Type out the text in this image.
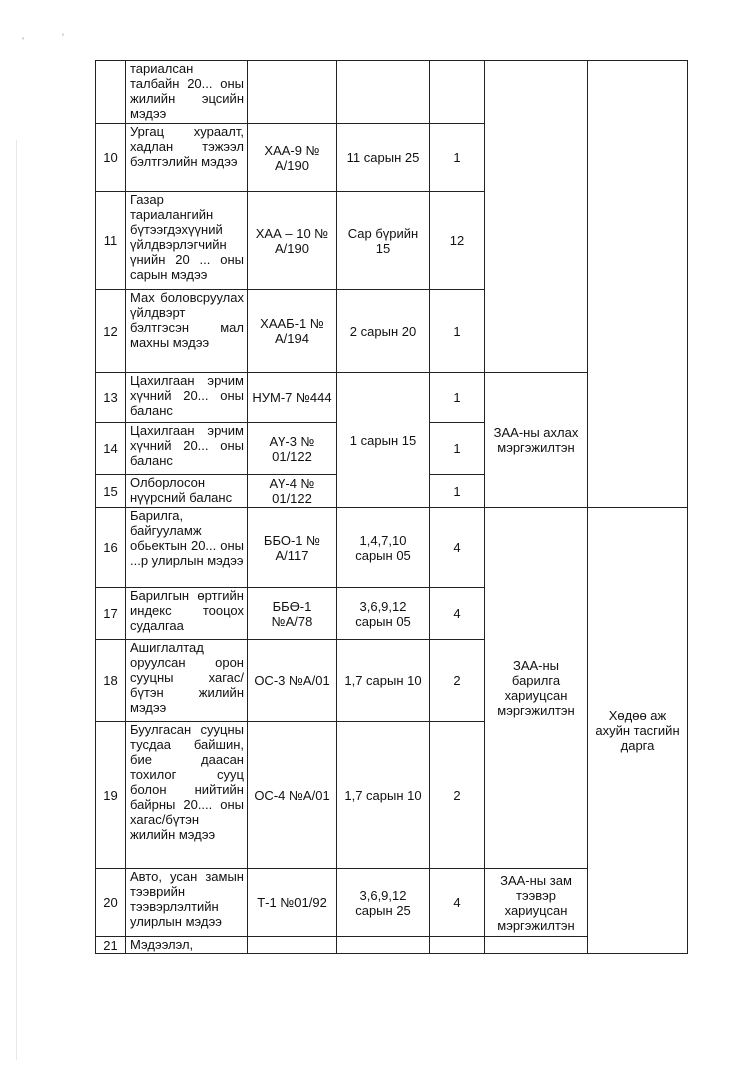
’	‘
	тариалсан талбайн 20... оны жилийн эцсийн мэдээ					
10	Ургац хураалт, хадлан тэжээл бэлтгэлийн мэдээ	ХАА-9 № А/190	11 сарын 25	1		
11	Газар тариалангийн бүтээгдэхүүний үйлдвэрлэгчийн үнийн 20 ... оны сарын мэдээ	ХАА – 10 № А/190	Сар бүрийн 15	12		
12	Мах боловсруулах үйлдвэрт бэлтгэсэн мал махны мэдээ	ХААБ-1 № А/194	2 сарын 20	1		
13	Цахилгаан эрчим хүчний 20... оны баланс	НУМ-7 №444	1 сарын 15	1	ЗАА-ны ахлах мэргэжилтэн	
14	Цахилгаан эрчим хүчний 20... оны баланс	АҮ-3 № 01/122		1		
15	Олборлосон нүүрсний баланс	АҮ-4 № 01/122		1		
16	Барилга, байгууламж обьектын 20... оны ...р улирлын мэдээ	ББО-1 № А/117	1,4,7,10 сарын 05	4	ЗАА-ны барилга хариуцсан мэргэжилтэн	Хөдөө аж ахуйн тасгийн дарга
17	Барилгын өртгийн индекс тооцох судалгаа	ББӨ-1 №А/78	3,6,9,12 сарын 05	4		
18	Ашиглалтад оруулсан орон сууцны хагас/бүтэн жилийн мэдээ	ОС-3 №А/01	1,7 сарын 10	2		
19	Буулгасан сууцны тусдаа байшин, бие даасан тохилог сууц болон нийтийн байрны 20.... оны хагас/бүтэн жилийн мэдээ	ОС-4 №А/01	1,7 сарын 10	2		
20	Авто, усан замын тээврийн тээвэрлэлтийн улирлын мэдээ	Т-1 №01/92	3,6,9,12 сарын 25	4	ЗАА-ны зам тээвэр хариуцсан мэргэжилтэн	
21	Мэдээлэл,					
